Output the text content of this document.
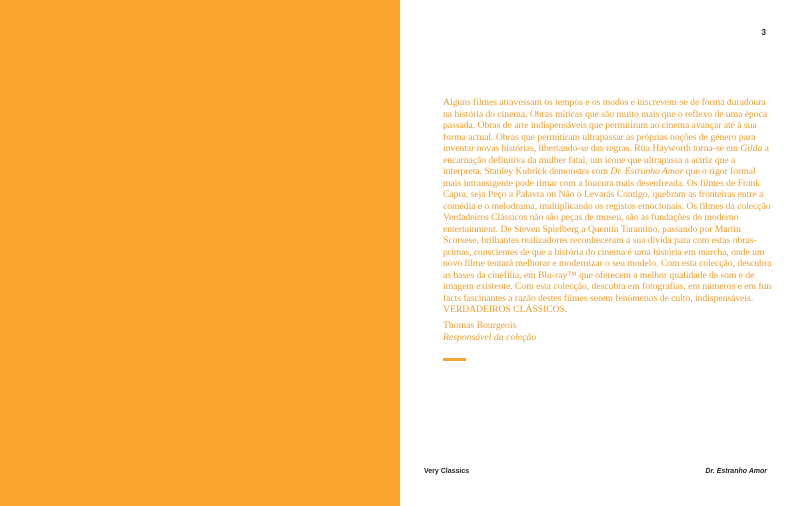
3

Alguns filmes atravessam os tempos e os modos e inscrevem-se de forma duradoura na história do cinema. Obras míticas que são muito mais que o reflexo de uma época passada. Obras de arte indispensáveis que permitiram ao cinema avançar até à sua forma actual. Obras que permitiram ultrapassar as próprias noções de género para inventar novas histórias, libertando-se das regras. Rita Hayworth torna-se em Gilda a encarnação definitiva da mulher fatal, um ícone que ultrapassa a actriz que a interpreta. Stanley Kubrick demonstra com Dr. Estranho Amor que o rigor formal mais intransigente pode rimar com a loucura mais desenfreada. Os filmes de Frank Capra, seja Peço a Palavra ou Não o Levarás Contigo, quebram as fronteiras entre a comédia e o melodrama, multiplicando os registos emocionais. Os filmes da colecção Verdadeiros Clássicos não são peças de museu, são as fundações do moderno entertainment. De Steven Spielberg a Quentin Tarantino, passando por Martin Scorsese, brilhantes realizadores reconheceram a sua dívida para com estas obras-primas, conscientes de que a história do cinema é uma história em marcha, onde um novo filme tentará melhorar e modernizar o seu modelo. Com esta colecção, descubra as bases da cinefilia, em Blu-ray™ que oferecem a melhor qualidade de som e de imagem existente. Com esta colecção, descubra em fotografias, em números e em fun facts fascinantes a razão destes filmes serem fenómenos de culto, indispensáveis. VERDADEIROS CLÁSSICOS.

Thomas Bourgeois
Responsável da coleção
Very Classics	Dr. Estranho Amor
